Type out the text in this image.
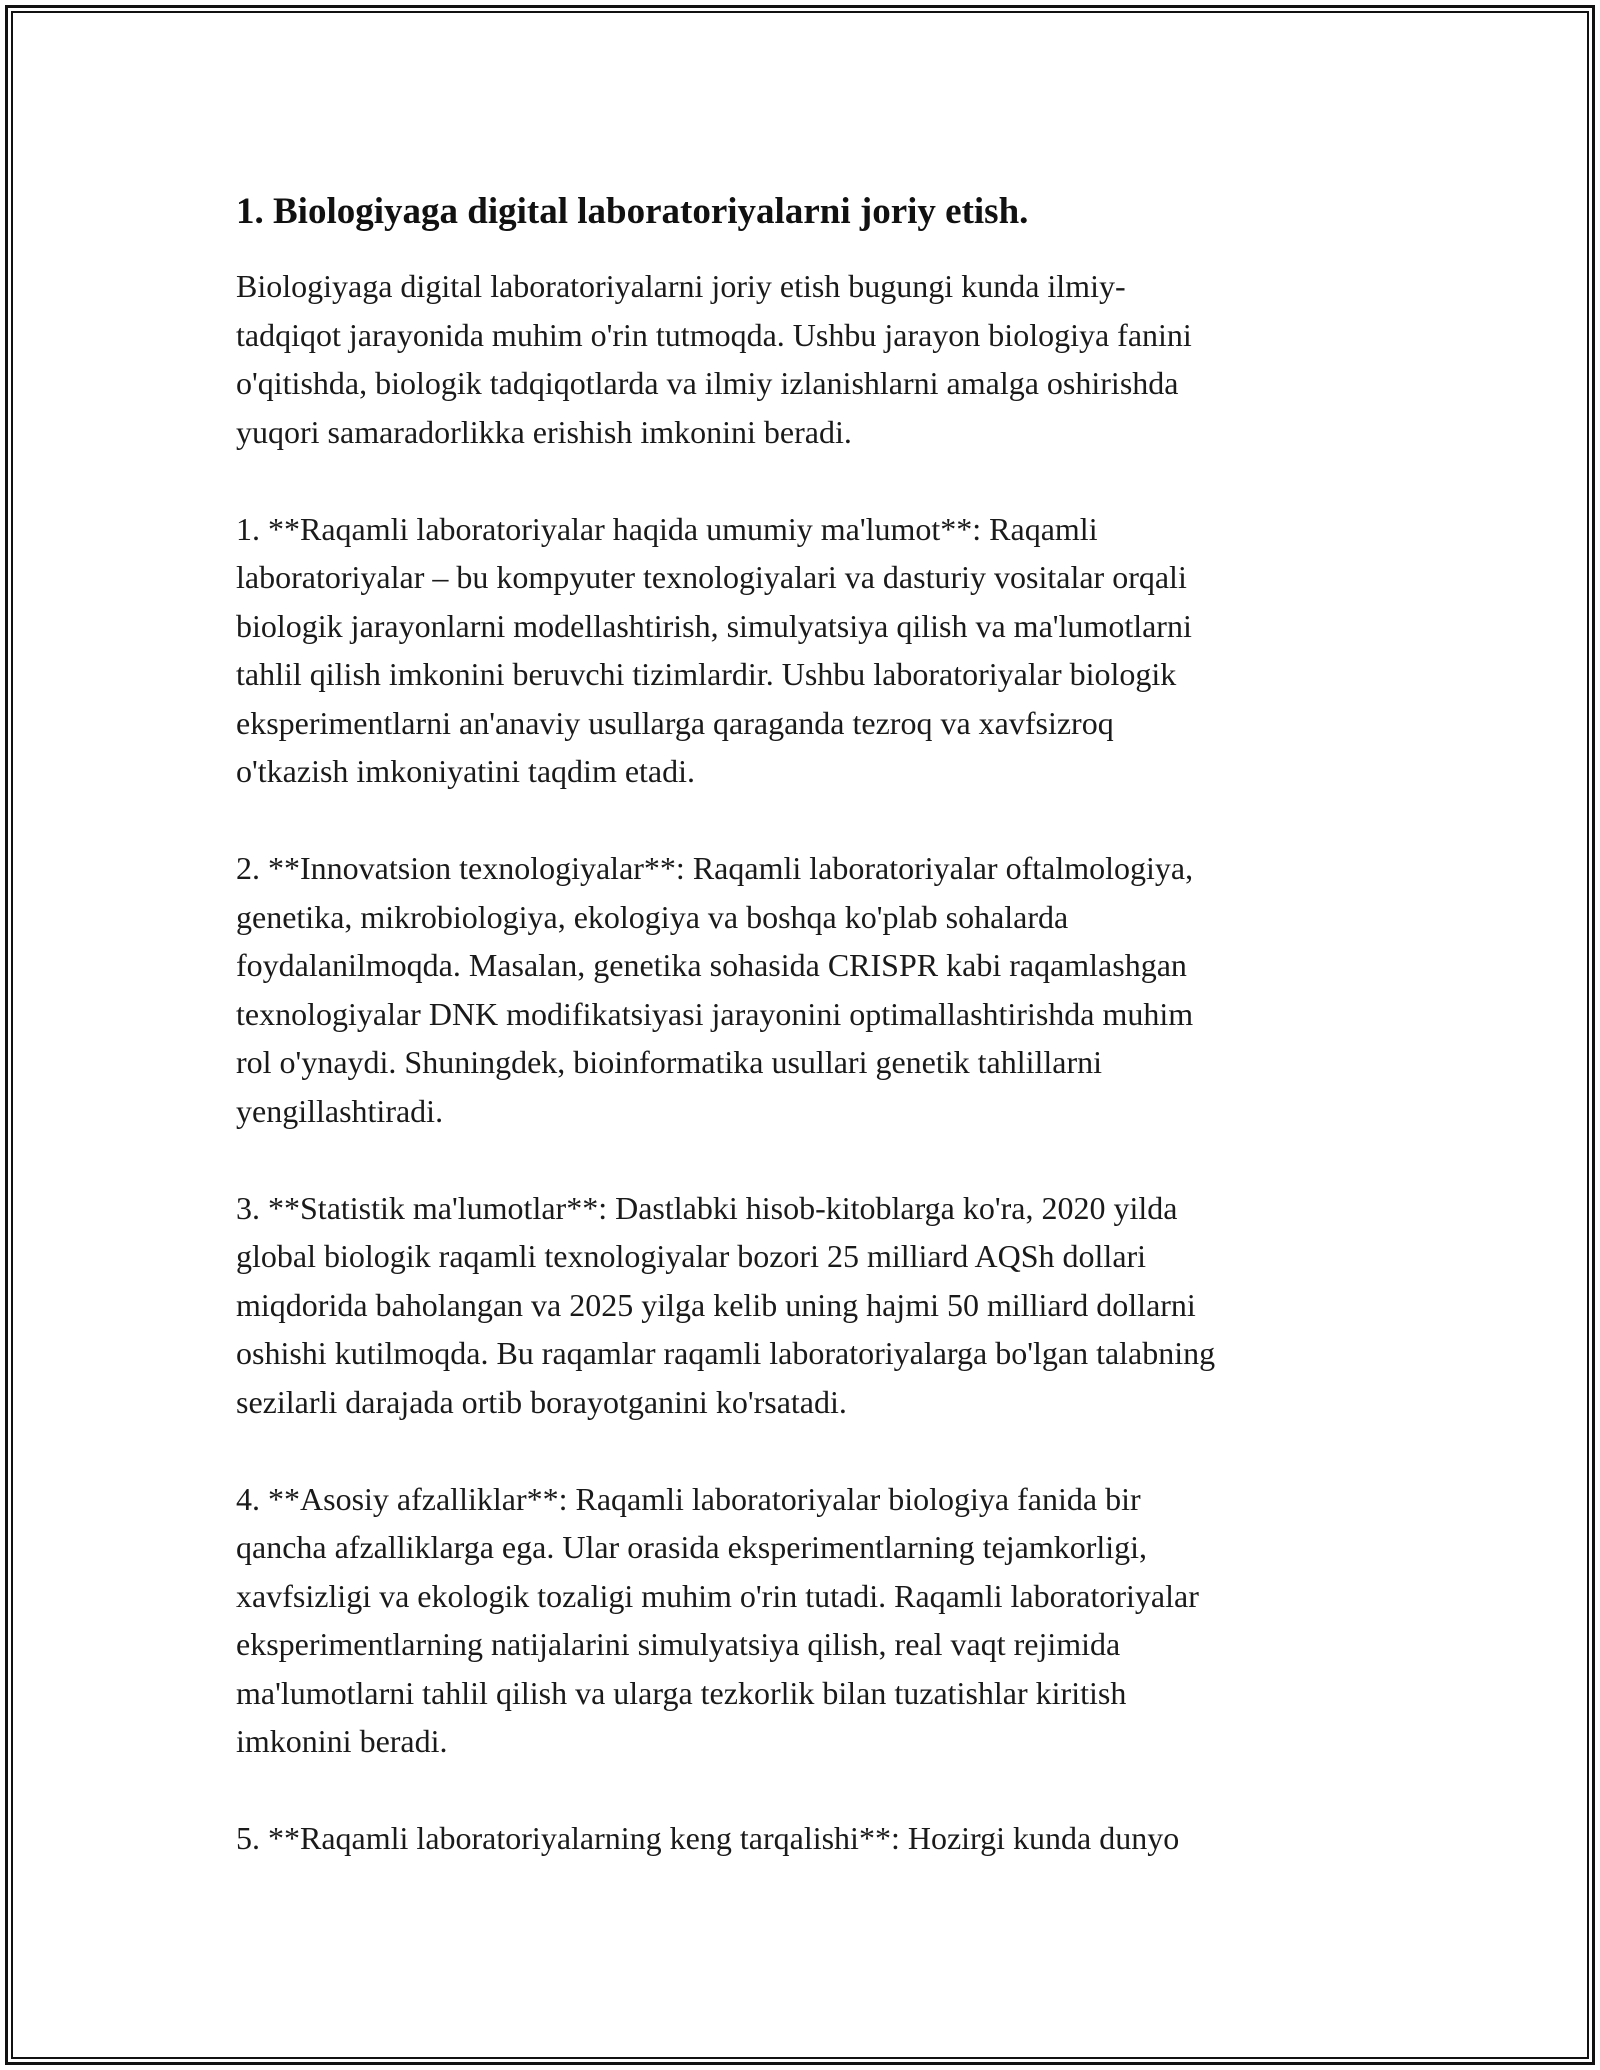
1. Biologiyaga digital laboratoriyalarni joriy etish.

Biologiyaga digital laboratoriyalarni joriy etish bugungi kunda ilmiy-
tadqiqot jarayonida muhim o'rin tutmoqda. Ushbu jarayon biologiya fanini
o'qitishda, biologik tadqiqotlarda va ilmiy izlanishlarni amalga oshirishda
yuqori samaradorlikka erishish imkonini beradi.

1. **Raqamli laboratoriyalar haqida umumiy ma'lumot**: Raqamli
laboratoriyalar – bu kompyuter texnologiyalari va dasturiy vositalar orqali
biologik jarayonlarni modellashtirish, simulyatsiya qilish va ma'lumotlarni
tahlil qilish imkonini beruvchi tizimlardir. Ushbu laboratoriyalar biologik
eksperimentlarni an'anaviy usullarga qaraganda tezroq va xavfsizroq
o'tkazish imkoniyatini taqdim etadi.

2. **Innovatsion texnologiyalar**: Raqamli laboratoriyalar oftalmologiya,
genetika, mikrobiologiya, ekologiya va boshqa ko'plab sohalarda
foydalanilmoqda. Masalan, genetika sohasida CRISPR kabi raqamlashgan
texnologiyalar DNK modifikatsiyasi jarayonini optimallashtirishda muhim
rol o'ynaydi. Shuningdek, bioinformatika usullari genetik tahlillarni
yengillashtiradi.

3. **Statistik ma'lumotlar**: Dastlabki hisob-kitoblarga ko'ra, 2020 yilda
global biologik raqamli texnologiyalar bozori 25 milliard AQSh dollari
miqdorida baholangan va 2025 yilga kelib uning hajmi 50 milliard dollarni
oshishi kutilmoqda. Bu raqamlar raqamli laboratoriyalarga bo'lgan talabning
sezilarli darajada ortib borayotganini ko'rsatadi.

4. **Asosiy afzalliklar**: Raqamli laboratoriyalar biologiya fanida bir
qancha afzalliklarga ega. Ular orasida eksperimentlarning tejamkorligi,
xavfsizligi va ekologik tozaligi muhim o'rin tutadi. Raqamli laboratoriyalar
eksperimentlarning natijalarini simulyatsiya qilish, real vaqt rejimida
ma'lumotlarni tahlil qilish va ularga tezkorlik bilan tuzatishlar kiritish
imkonini beradi.

5. **Raqamli laboratoriyalarning keng tarqalishi**: Hozirgi kunda dunyo
